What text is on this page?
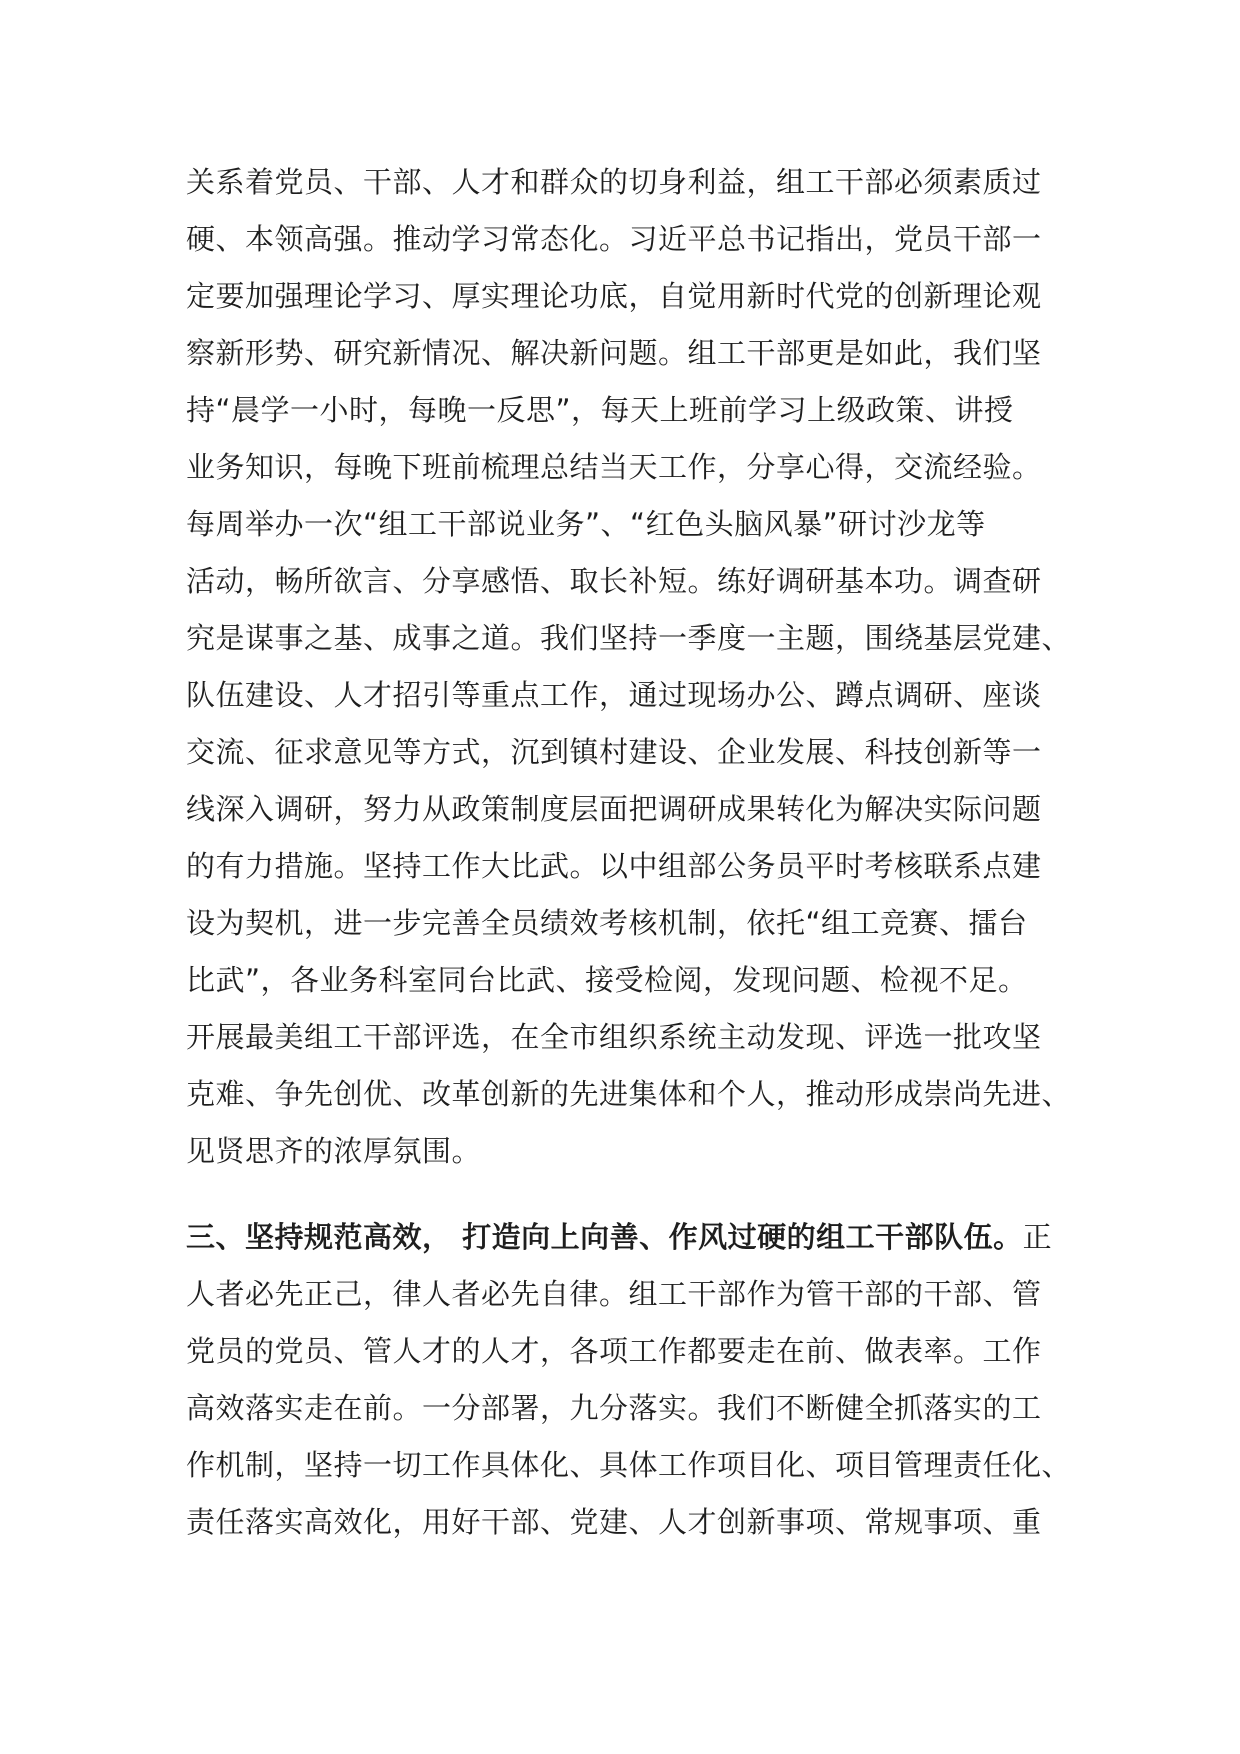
关系着党员、干部、人才和群众的切身利益，组工干部必须素质过
硬、本领高强。推动学习常态化。习近平总书记指出，党员干部一
定要加强理论学习、厚实理论功底，自觉用新时代党的创新理论观
察新形势、研究新情况、解决新问题。组工干部更是如此，我们坚
持“晨学一小时，每晚一反思”，每天上班前学习上级政策、讲授
业务知识，每晚下班前梳理总结当天工作，分享心得，交流经验。
每周举办一次“组工干部说业务”、“红色头脑风暴”研讨沙龙等
活动，畅所欲言、分享感悟、取长补短。练好调研基本功。调查研
究是谋事之基、成事之道。我们坚持一季度一主题，围绕基层党建、
队伍建设、人才招引等重点工作，通过现场办公、蹲点调研、座谈
交流、征求意见等方式，沉到镇村建设、企业发展、科技创新等一
线深入调研，努力从政策制度层面把调研成果转化为解决实际问题
的有力措施。坚持工作大比武。以中组部公务员平时考核联系点建
设为契机，进一步完善全员绩效考核机制，依托“组工竞赛、擂台
比武”，各业务科室同台比武、接受检阅，发现问题、检视不足。
开展最美组工干部评选，在全市组织系统主动发现、评选一批攻坚
克难、争先创优、改革创新的先进集体和个人，推动形成崇尚先进、
见贤思齐的浓厚氛围。
三、坚持规范高效， 打造向上向善、作风过硬的组工干部队伍。正
人者必先正己，律人者必先自律。组工干部作为管干部的干部、管
党员的党员、管人才的人才，各项工作都要走在前、做表率。工作
高效落实走在前。一分部署，九分落实。我们不断健全抓落实的工
作机制，坚持一切工作具体化、具体工作项目化、项目管理责任化、
责任落实高效化，用好干部、党建、人才创新事项、常规事项、重
